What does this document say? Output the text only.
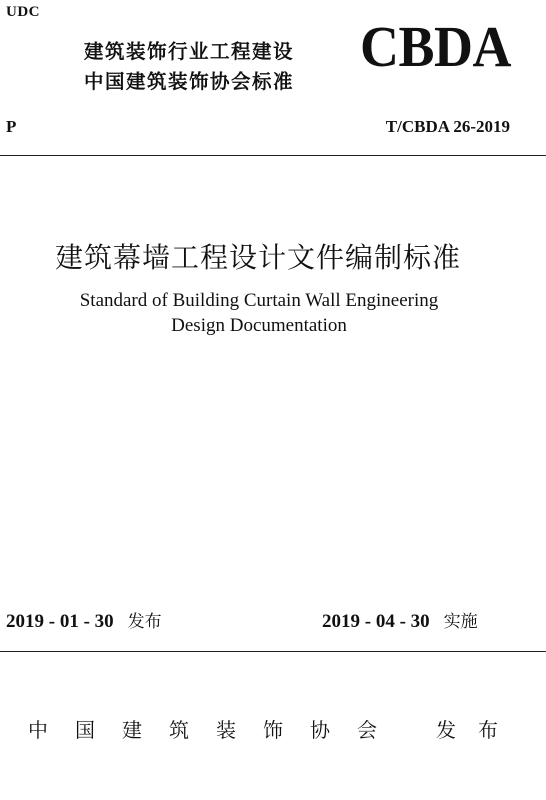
UDC
建筑装饰行业工程建设
中国建筑装饰协会标准
CBDA
P	T/CBDA 26-2019
建筑幕墙工程设计文件编制标准
Standard of Building Curtain Wall Engineering
Design Documentation
2019 - 01 - 30 发布	2019 - 04 - 30 实施
中 国 建 筑 装 饰 协 会	发 布
